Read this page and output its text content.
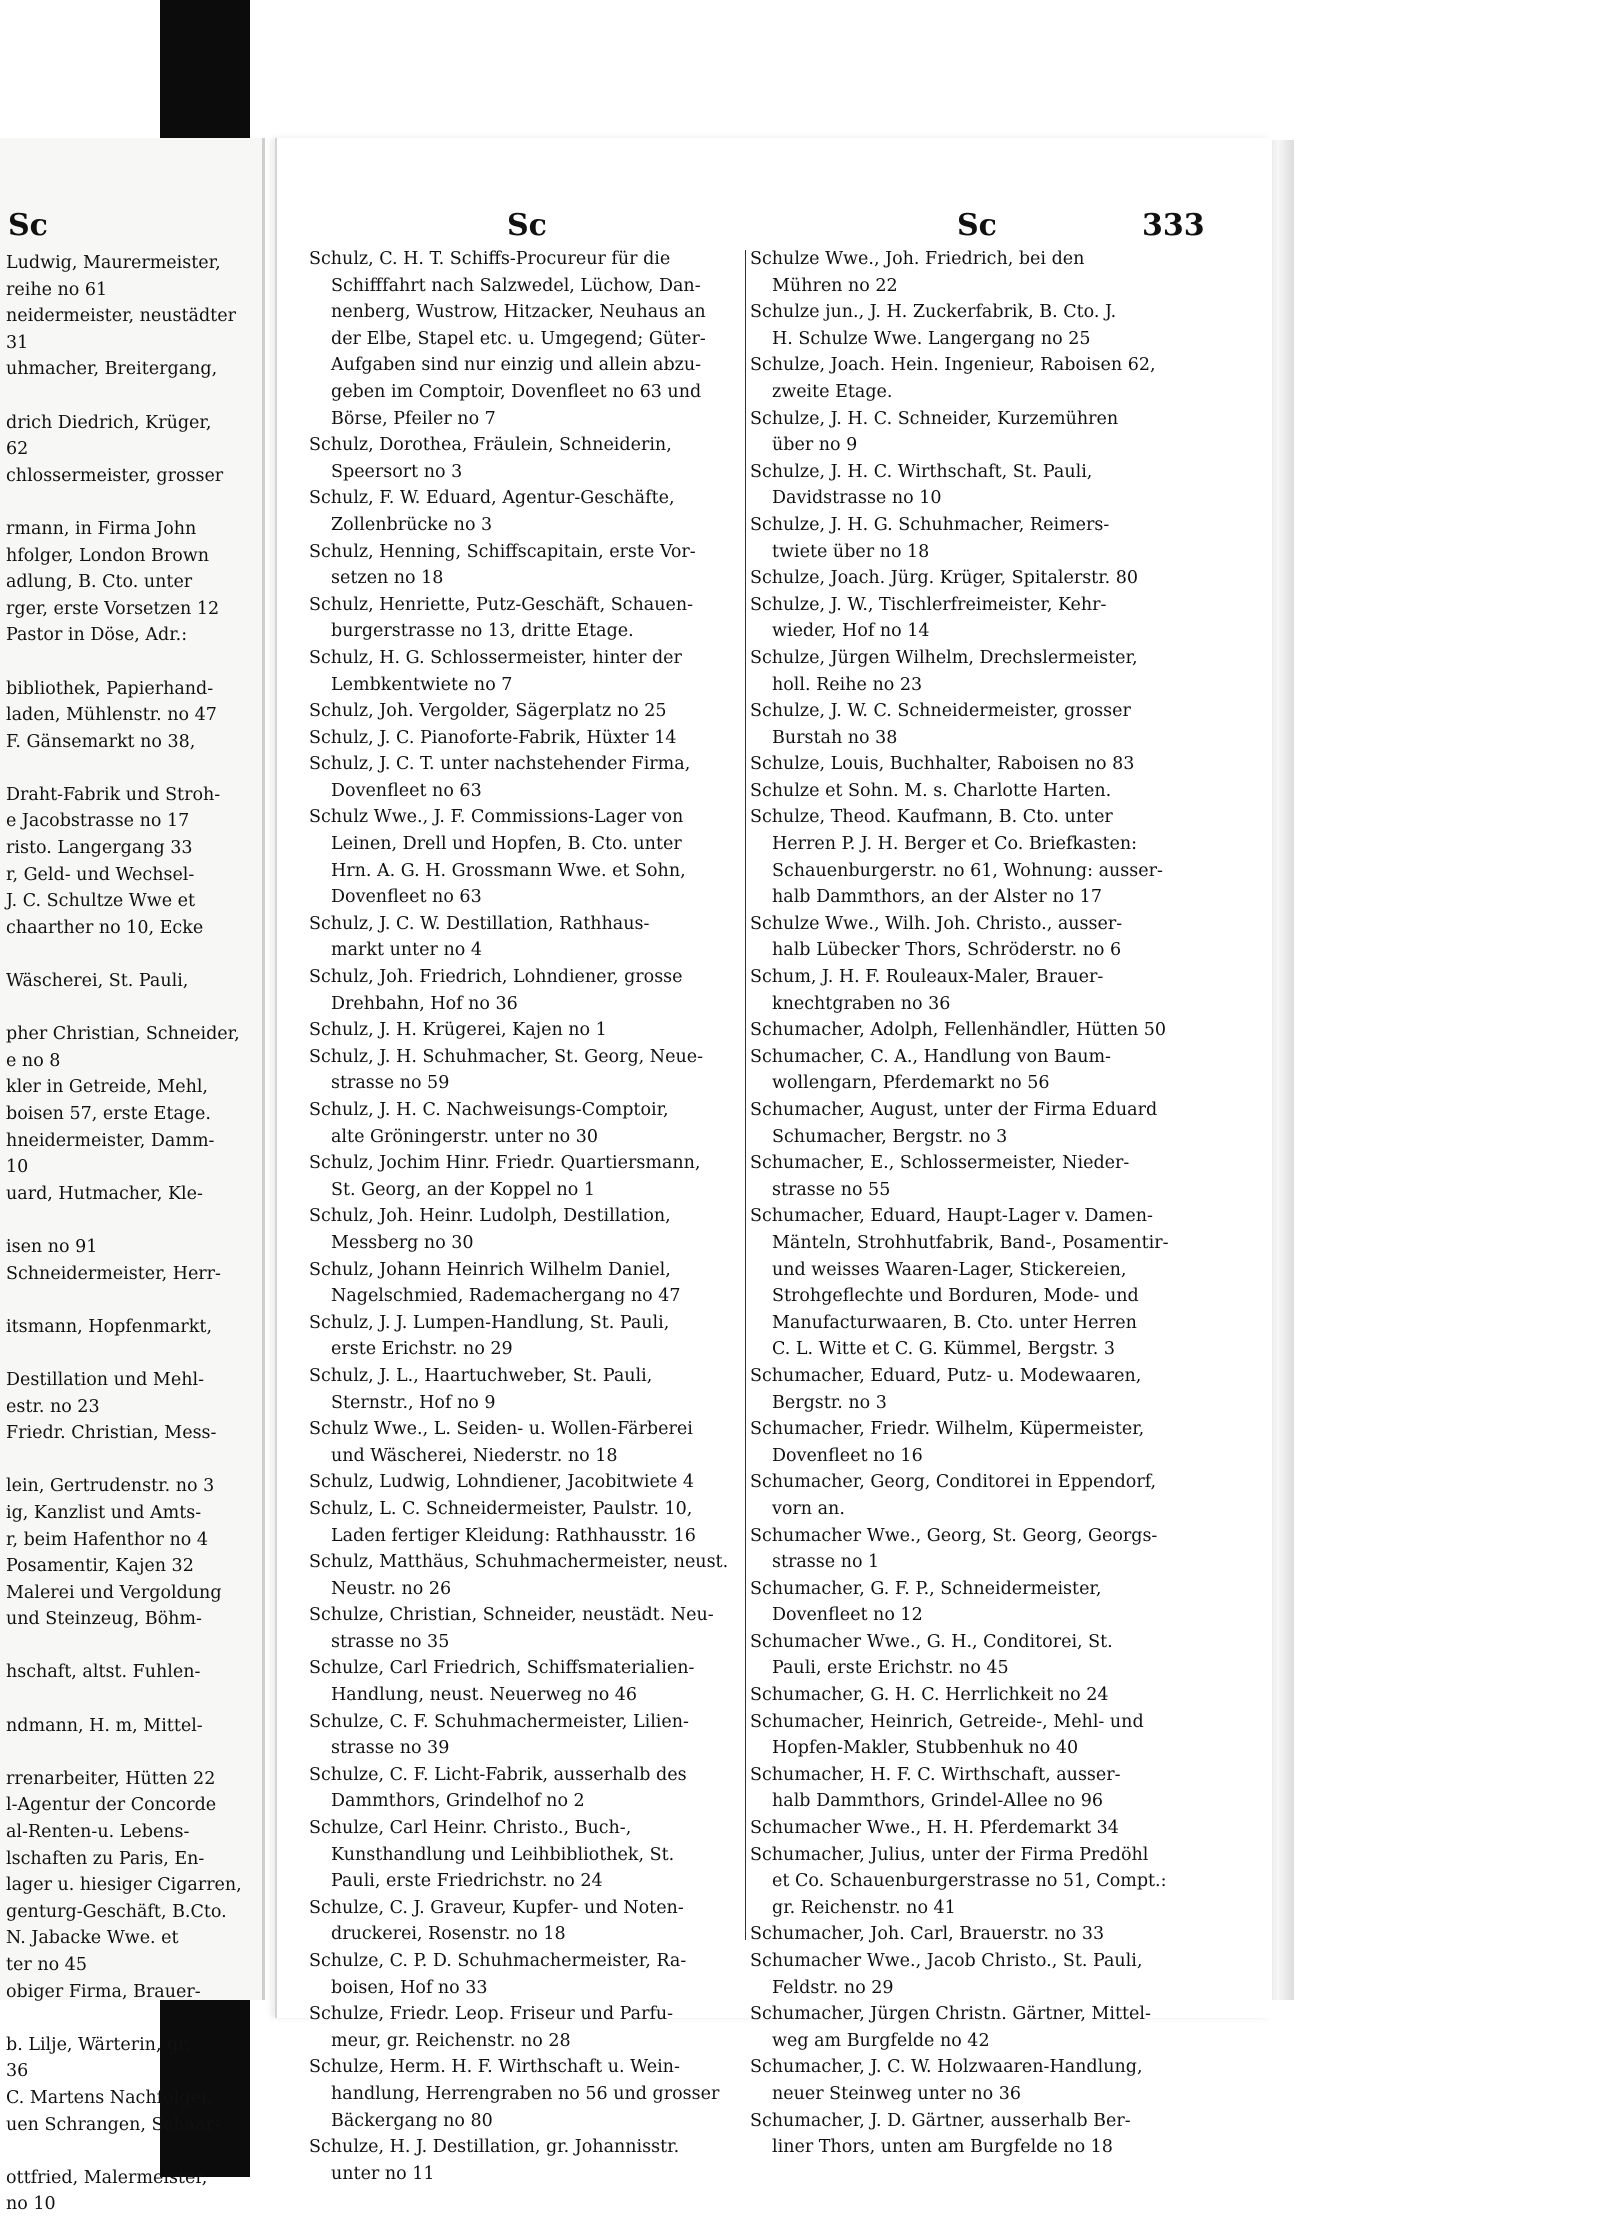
Sc
Ludwig, Maurermeister,
reihe no 61
neidermeister, neustädter
31
uhmacher, Breitergang,

drich Diedrich, Krüger,
62
chlossermeister, grosser

rmann, in Firma John
hfolger, London Brown
adlung, B. Cto. unter
rger, erste Vorsetzen 12
Pastor in Döse, Adr.:

bibliothek, Papierhand-
laden, Mühlenstr. no 47
F. Gänsemarkt no 38,

Draht-Fabrik und Stroh-
e Jacobstrasse no 17
risto. Langergang 33
r, Geld- und Wechsel-
J. C. Schultze Wwe et
chaarther no 10, Ecke

Wäscherei, St. Pauli,

pher Christian, Schneider,
e no 8
kler in Getreide, Mehl,
boisen 57, erste Etage.
hneidermeister, Damm-
10
uard, Hutmacher, Kle-

isen no 91
Schneidermeister, Herr-

itsmann, Hopfenmarkt,

Destillation und Mehl-
estr. no 23
Friedr. Christian, Mess-

lein, Gertrudenstr. no 3
ig, Kanzlist und Amts-
r, beim Hafenthor no 4
Posamentir, Kajen 32
Malerei und Vergoldung
und Steinzeug, Böhm-

hschaft, altst. Fuhlen-

ndmann, H. m, Mittel-

rrenarbeiter, Hütten 22
l-Agentur der Concorde
al-Renten-u. Lebens-
lschaften zu Paris, En-
lager u. hiesiger Cigarren,
genturg-Geschäft, B.Cto.
N. Jabacke Wwe. et
ter no 45
obiger Firma, Brauer-

b. Lilje, Wärterin, gr.
36
C. Martens Nachfolger,
uen Schrangen, Schaar-

ottfried, Malermeister,
no 10
Sc	Sc	333
Schulz, C. H. T. Schiffs-Procureur für die
Schifffahrt nach Salzwedel, Lüchow, Dan-
nenberg, Wustrow, Hitzacker, Neuhaus an
der Elbe, Stapel etc. u. Umgegend; Güter-
Aufgaben sind nur einzig und allein abzu-
geben im Comptoir, Dovenfleet no 63 und
Börse, Pfeiler no 7
Schulz, Dorothea, Fräulein, Schneiderin,
Speersort no 3
Schulz, F. W. Eduard, Agentur-Geschäfte,
Zollenbrücke no 3
Schulz, Henning, Schiffscapitain, erste Vor-
setzen no 18
Schulz, Henriette, Putz-Geschäft, Schauen-
burgerstrasse no 13, dritte Etage.
Schulz, H. G. Schlossermeister, hinter der
Lembkentwiete no 7
Schulz, Joh. Vergolder, Sägerplatz no 25
Schulz, J. C. Pianoforte-Fabrik, Hüxter 14
Schulz, J. C. T. unter nachstehender Firma,
Dovenfleet no 63
Schulz Wwe., J. F. Commissions-Lager von
Leinen, Drell und Hopfen, B. Cto. unter
Hrn. A. G. H. Grossmann Wwe. et Sohn,
Dovenfleet no 63
Schulz, J. C. W. Destillation, Rathhaus-
markt unter no 4
Schulz, Joh. Friedrich, Lohndiener, grosse
Drehbahn, Hof no 36
Schulz, J. H. Krügerei, Kajen no 1
Schulz, J. H. Schuhmacher, St. Georg, Neue-
strasse no 59
Schulz, J. H. C. Nachweisungs-Comptoir,
alte Gröningerstr. unter no 30
Schulz, Jochim Hinr. Friedr. Quartiersmann,
St. Georg, an der Koppel no 1
Schulz, Joh. Heinr. Ludolph, Destillation,
Messberg no 30
Schulz, Johann Heinrich Wilhelm Daniel,
Nagelschmied, Rademachergang no 47
Schulz, J. J. Lumpen-Handlung, St. Pauli,
erste Erichstr. no 29
Schulz, J. L., Haartuchweber, St. Pauli,
Sternstr., Hof no 9
Schulz Wwe., L. Seiden- u. Wollen-Färberei
und Wäscherei, Niederstr. no 18
Schulz, Ludwig, Lohndiener, Jacobitwiete 4
Schulz, L. C. Schneidermeister, Paulstr. 10,
Laden fertiger Kleidung: Rathhausstr. 16
Schulz, Matthäus, Schuhmachermeister, neust.
Neustr. no 26
Schulze, Christian, Schneider, neustädt. Neu-
strasse no 35
Schulze, Carl Friedrich, Schiffsmaterialien-
Handlung, neust. Neuerweg no 46
Schulze, C. F. Schuhmachermeister, Lilien-
strasse no 39
Schulze, C. F. Licht-Fabrik, ausserhalb des
Dammthors, Grindelhof no 2
Schulze, Carl Heinr. Christo., Buch-,
Kunsthandlung und Leihbibliothek, St.
Pauli, erste Friedrichstr. no 24
Schulze, C. J. Graveur, Kupfer- und Noten-
druckerei, Rosenstr. no 18
Schulze, C. P. D. Schuhmachermeister, Ra-
boisen, Hof no 33
Schulze, Friedr. Leop. Friseur und Parfu-
meur, gr. Reichenstr. no 28
Schulze, Herm. H. F. Wirthschaft u. Wein-
handlung, Herrengraben no 56 und grosser
Bäckergang no 80
Schulze, H. J. Destillation, gr. Johannisstr.
unter no 11
Schulze Wwe., Joh. Friedrich, bei den
Mühren no 22
Schulze jun., J. H. Zuckerfabrik, B. Cto. J.
H. Schulze Wwe. Langergang no 25
Schulze, Joach. Hein. Ingenieur, Raboisen 62,
zweite Etage.
Schulze, J. H. C. Schneider, Kurzemühren
über no 9
Schulze, J. H. C. Wirthschaft, St. Pauli,
Davidstrasse no 10
Schulze, J. H. G. Schuhmacher, Reimers-
twiete über no 18
Schulze, Joach. Jürg. Krüger, Spitalerstr. 80
Schulze, J. W., Tischlerfreimeister, Kehr-
wieder, Hof no 14
Schulze, Jürgen Wilhelm, Drechslermeister,
holl. Reihe no 23
Schulze, J. W. C. Schneidermeister, grosser
Burstah no 38
Schulze, Louis, Buchhalter, Raboisen no 83
Schulze et Sohn. M. s. Charlotte Harten.
Schulze, Theod. Kaufmann, B. Cto. unter
Herren P. J. H. Berger et Co. Briefkasten:
Schauenburgerstr. no 61, Wohnung: ausser-
halb Dammthors, an der Alster no 17
Schulze Wwe., Wilh. Joh. Christo., ausser-
halb Lübecker Thors, Schröderstr. no 6
Schum, J. H. F. Rouleaux-Maler, Brauer-
knechtgraben no 36
Schumacher, Adolph, Fellenhändler, Hütten 50
Schumacher, C. A., Handlung von Baum-
wollengarn, Pferdemarkt no 56
Schumacher, August, unter der Firma Eduard
Schumacher, Bergstr. no 3
Schumacher, E., Schlossermeister, Nieder-
strasse no 55
Schumacher, Eduard, Haupt-Lager v. Damen-
Mänteln, Strohhutfabrik, Band-, Posamentir-
und weisses Waaren-Lager, Stickereien,
Strohgeflechte und Borduren, Mode- und
Manufacturwaaren, B. Cto. unter Herren
C. L. Witte et C. G. Kümmel, Bergstr. 3
Schumacher, Eduard, Putz- u. Modewaaren,
Bergstr. no 3
Schumacher, Friedr. Wilhelm, Küpermeister,
Dovenfleet no 16
Schumacher, Georg, Conditorei in Eppendorf,
vorn an.
Schumacher Wwe., Georg, St. Georg, Georgs-
strasse no 1
Schumacher, G. F. P., Schneidermeister,
Dovenfleet no 12
Schumacher Wwe., G. H., Conditorei, St.
Pauli, erste Erichstr. no 45
Schumacher, G. H. C. Herrlichkeit no 24
Schumacher, Heinrich, Getreide-, Mehl- und
Hopfen-Makler, Stubbenhuk no 40
Schumacher, H. F. C. Wirthschaft, ausser-
halb Dammthors, Grindel-Allee no 96
Schumacher Wwe., H. H. Pferdemarkt 34
Schumacher, Julius, unter der Firma Predöhl
et Co. Schauenburgerstrasse no 51, Compt.:
gr. Reichenstr. no 41
Schumacher, Joh. Carl, Brauerstr. no 33
Schumacher Wwe., Jacob Christo., St. Pauli,
Feldstr. no 29
Schumacher, Jürgen Christn. Gärtner, Mittel-
weg am Burgfelde no 42
Schumacher, J. C. W. Holzwaaren-Handlung,
neuer Steinweg unter no 36
Schumacher, J. D. Gärtner, ausserhalb Ber-
liner Thors, unten am Burgfelde no 18
